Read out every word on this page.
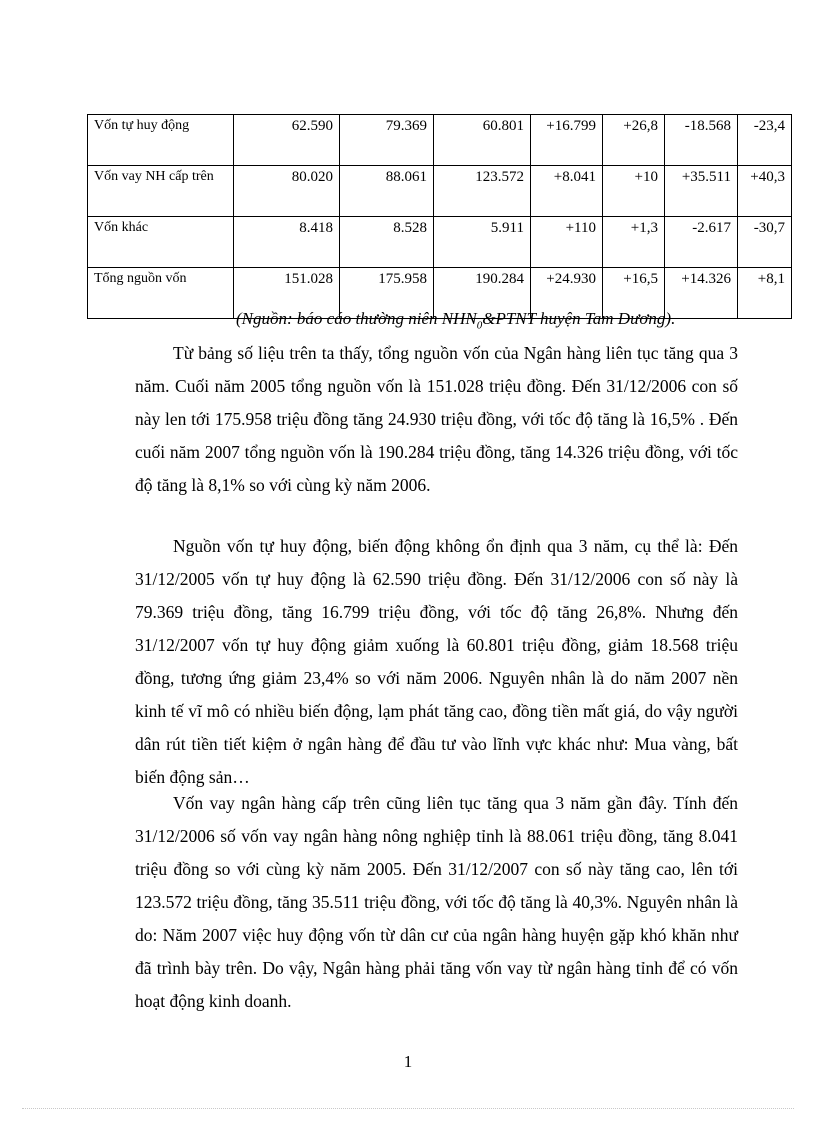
Vốn tự huy động	62.590	79.369	60.801	+16.799	+26,8	-18.568	-23,4
Vốn vay NH cấp trên	80.020	88.061	123.572	+8.041	+10	+35.511	+40,3
Vốn khác	8.418	8.528	5.911	+110	+1,3	-2.617	-30,7
Tổng nguồn vốn	151.028	175.958	190.284	+24.930	+16,5	+14.326	+8,1
(Nguồn: báo cáo thường niên $NHN_0\&PTNT$ huyện Tam Dương).

Từ bảng số liệu trên ta thấy, tổng nguồn vốn của Ngân hàng liên tục tăng qua 3 năm. Cuối năm 2005 tổng nguồn vốn là 151.028 triệu đồng. Đến 31/12/2006 con số này len tới 175.958 triệu đồng tăng 24.930 triệu đồng, với tốc độ tăng là 16,5% . Đến cuối năm 2007 tổng nguồn vốn là 190.284 triệu đồng, tăng 14.326 triệu đồng, với tốc độ tăng là 8,1% so với cùng kỳ năm 2006.

Nguồn vốn tự huy động, biến động không ổn định qua 3 năm, cụ thể là: Đến 31/12/2005 vốn tự huy động là 62.590 triệu đồng. Đến 31/12/2006 con số này là 79.369 triệu đồng, tăng 16.799 triệu đồng, với tốc độ tăng 26,8%. Nhưng đến 31/12/2007 vốn tự huy động giảm xuống là 60.801 triệu đồng, giảm 18.568 triệu đồng, tương ứng giảm 23,4% so với năm 2006. Nguyên nhân là do năm 2007 nền kinh tế vĩ mô có nhiều biến động, lạm phát tăng cao, đồng tiền mất giá, do vậy người dân rút tiền tiết kiệm ở ngân hàng để đầu tư vào lĩnh vực khác như: Mua vàng, bất biến động sản…

Vốn vay ngân hàng cấp trên cũng liên tục tăng qua 3 năm gần đây. Tính đến 31/12/2006 số vốn vay ngân hàng nông nghiệp tỉnh là 88.061 triệu đồng, tăng 8.041 triệu đồng so với cùng kỳ năm 2005. Đến 31/12/2007 con số này tăng cao, lên tới 123.572 triệu đồng, tăng 35.511 triệu đồng, với tốc độ tăng là 40,3%. Nguyên nhân là do: Năm 2007 việc huy động vốn từ dân cư của ngân hàng huyện gặp khó khăn như đã trình bày trên. Do vậy, Ngân hàng phải tăng vốn vay từ ngân hàng tỉnh để có vốn hoạt động kinh doanh.

1
